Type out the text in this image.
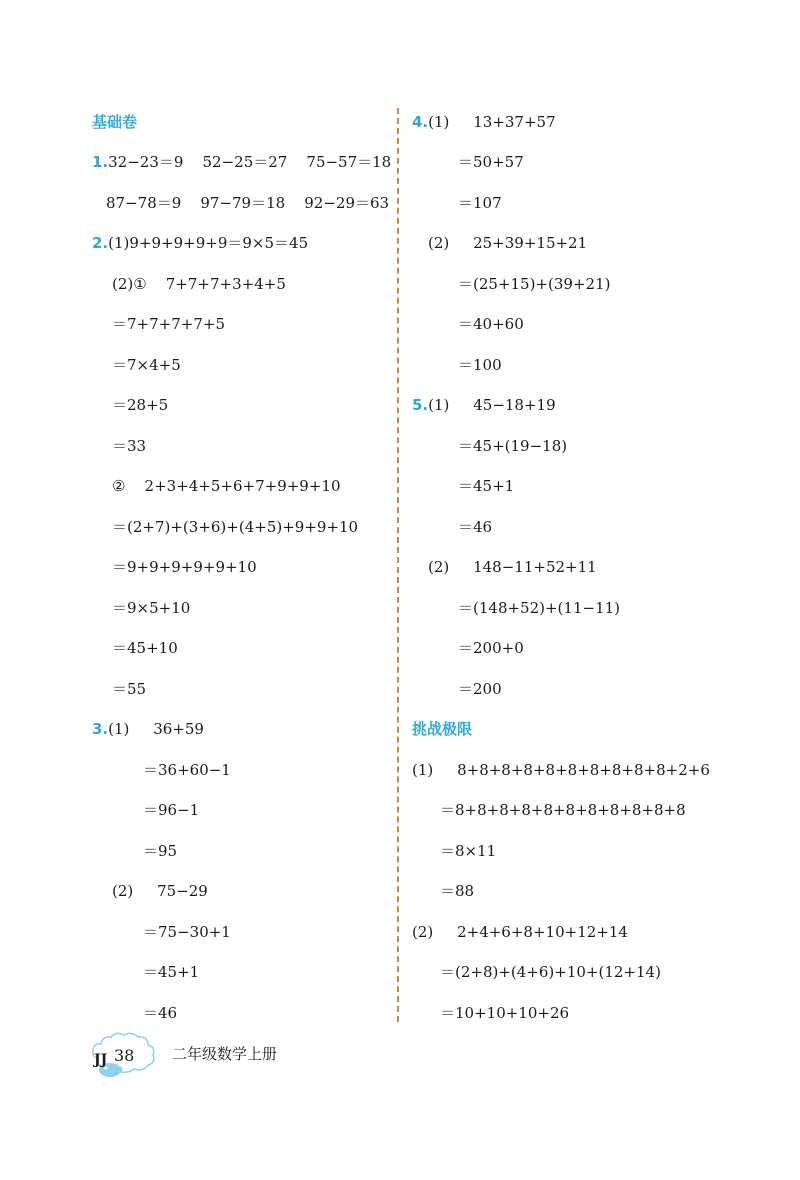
基础卷
1.32−23＝9    52−25＝27    75−57＝18
87−78＝9    97−79＝18    92−29＝63
2.(1)9+9+9+9+9＝9×5＝45
(2)①    7+7+7+3+4+5
＝7+7+7+7+5
＝7×4+5
＝28+5
＝33
②    2+3+4+5+6+7+9+9+10
＝(2+7)+(3+6)+(4+5)+9+9+10
＝9+9+9+9+9+10
＝9×5+10
＝45+10
＝55
3.(1)     36+59
＝36+60−1
＝96−1
＝95
(2)     75−29
＝75−30+1
＝45+1
＝46
4.(1)     13+37+57
＝50+57
＝107
(2)     25+39+15+21
＝(25+15)+(39+21)
＝40+60
＝100
5.(1)     45−18+19
＝45+(19−18)
＝45+1
＝46
(2)     148−11+52+11
＝(148+52)+(11−11)
＝200+0
＝200
挑战极限
(1)     8+8+8+8+8+8+8+8+8+8+2+6
＝8+8+8+8+8+8+8+8+8+8+8
＝8×11
＝88
(2)     2+4+6+8+10+12+14
＝(2+8)+(4+6)+10+(12+14)
＝10+10+10+26
JJ 38	二年级数学上册
